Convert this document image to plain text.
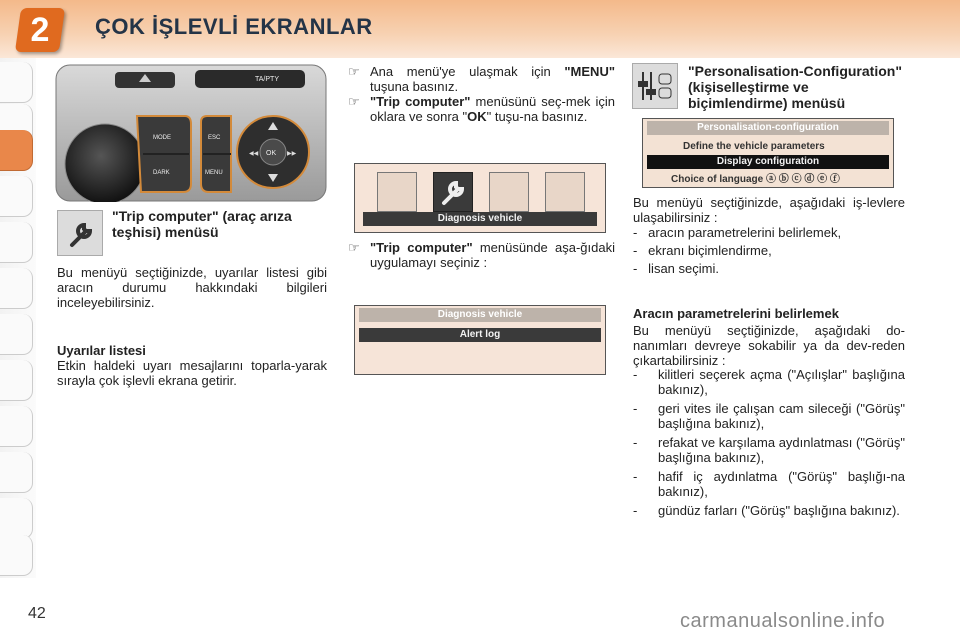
2	ÇOK İŞLEVLİ EKRANLAR
TA/PTY
MODE
DARK
ESC
MENU
OK
◀◀	▶▶
"Trip computer" (araç arıza teşhisi) menüsü
Bu menüyü seçtiğinizde, uyarılar listesi gibi aracın durumu hakkındaki bilgileri inceleyebilirsiniz.
Uyarılar listesi
Etkin haldeki uyarı mesajlarını toparla-yarak sırayla çok işlevli ekrana getirir.
☞ Ana menü'ye ulaşmak için "MENU" tuşuna basınız.
☞ "Trip computer" menüsünü seç-mek için oklara ve sonra "OK" tuşu-na basınız.
Diagnosis vehicle
☞ "Trip computer" menüsünde aşa-ğıdaki uygulamayı seçiniz :
Diagnosis vehicle
Alert log
"Personalisation-Configuration" (kişiselleştirme ve biçimlendirme) menüsü
Personalisation-configuration
Define the vehicle parameters
Display configuration
Choice of language ⓐ ⓑ ⓒ ⓓ ⓔ ⓕ
Bu menüyü seçtiğinizde, aşağıdaki iş-levlere ulaşabilirsiniz :
-   aracın parametrelerini belirlemek,
-   ekranı biçimlendirme,
-   lisan seçimi.
Aracın parametrelerini belirlemek
Bu menüyü seçtiğinizde, aşağıdaki do-nanımları devreye sokabilir ya da dev-reden çıkartabilirsiniz :
- kilitleri seçerek açma ("Açılışlar" başlığına bakınız),
- geri vites ile çalışan cam sileceği ("Görüş" başlığına bakınız),
- refakat ve karşılama aydınlatması ("Görüş" başlığına bakınız),
- hafif iç aydınlatma ("Görüş" başlığı-na bakınız),
- gündüz farları ("Görüş" başlığına bakınız).
42	carmanualsonline.info
